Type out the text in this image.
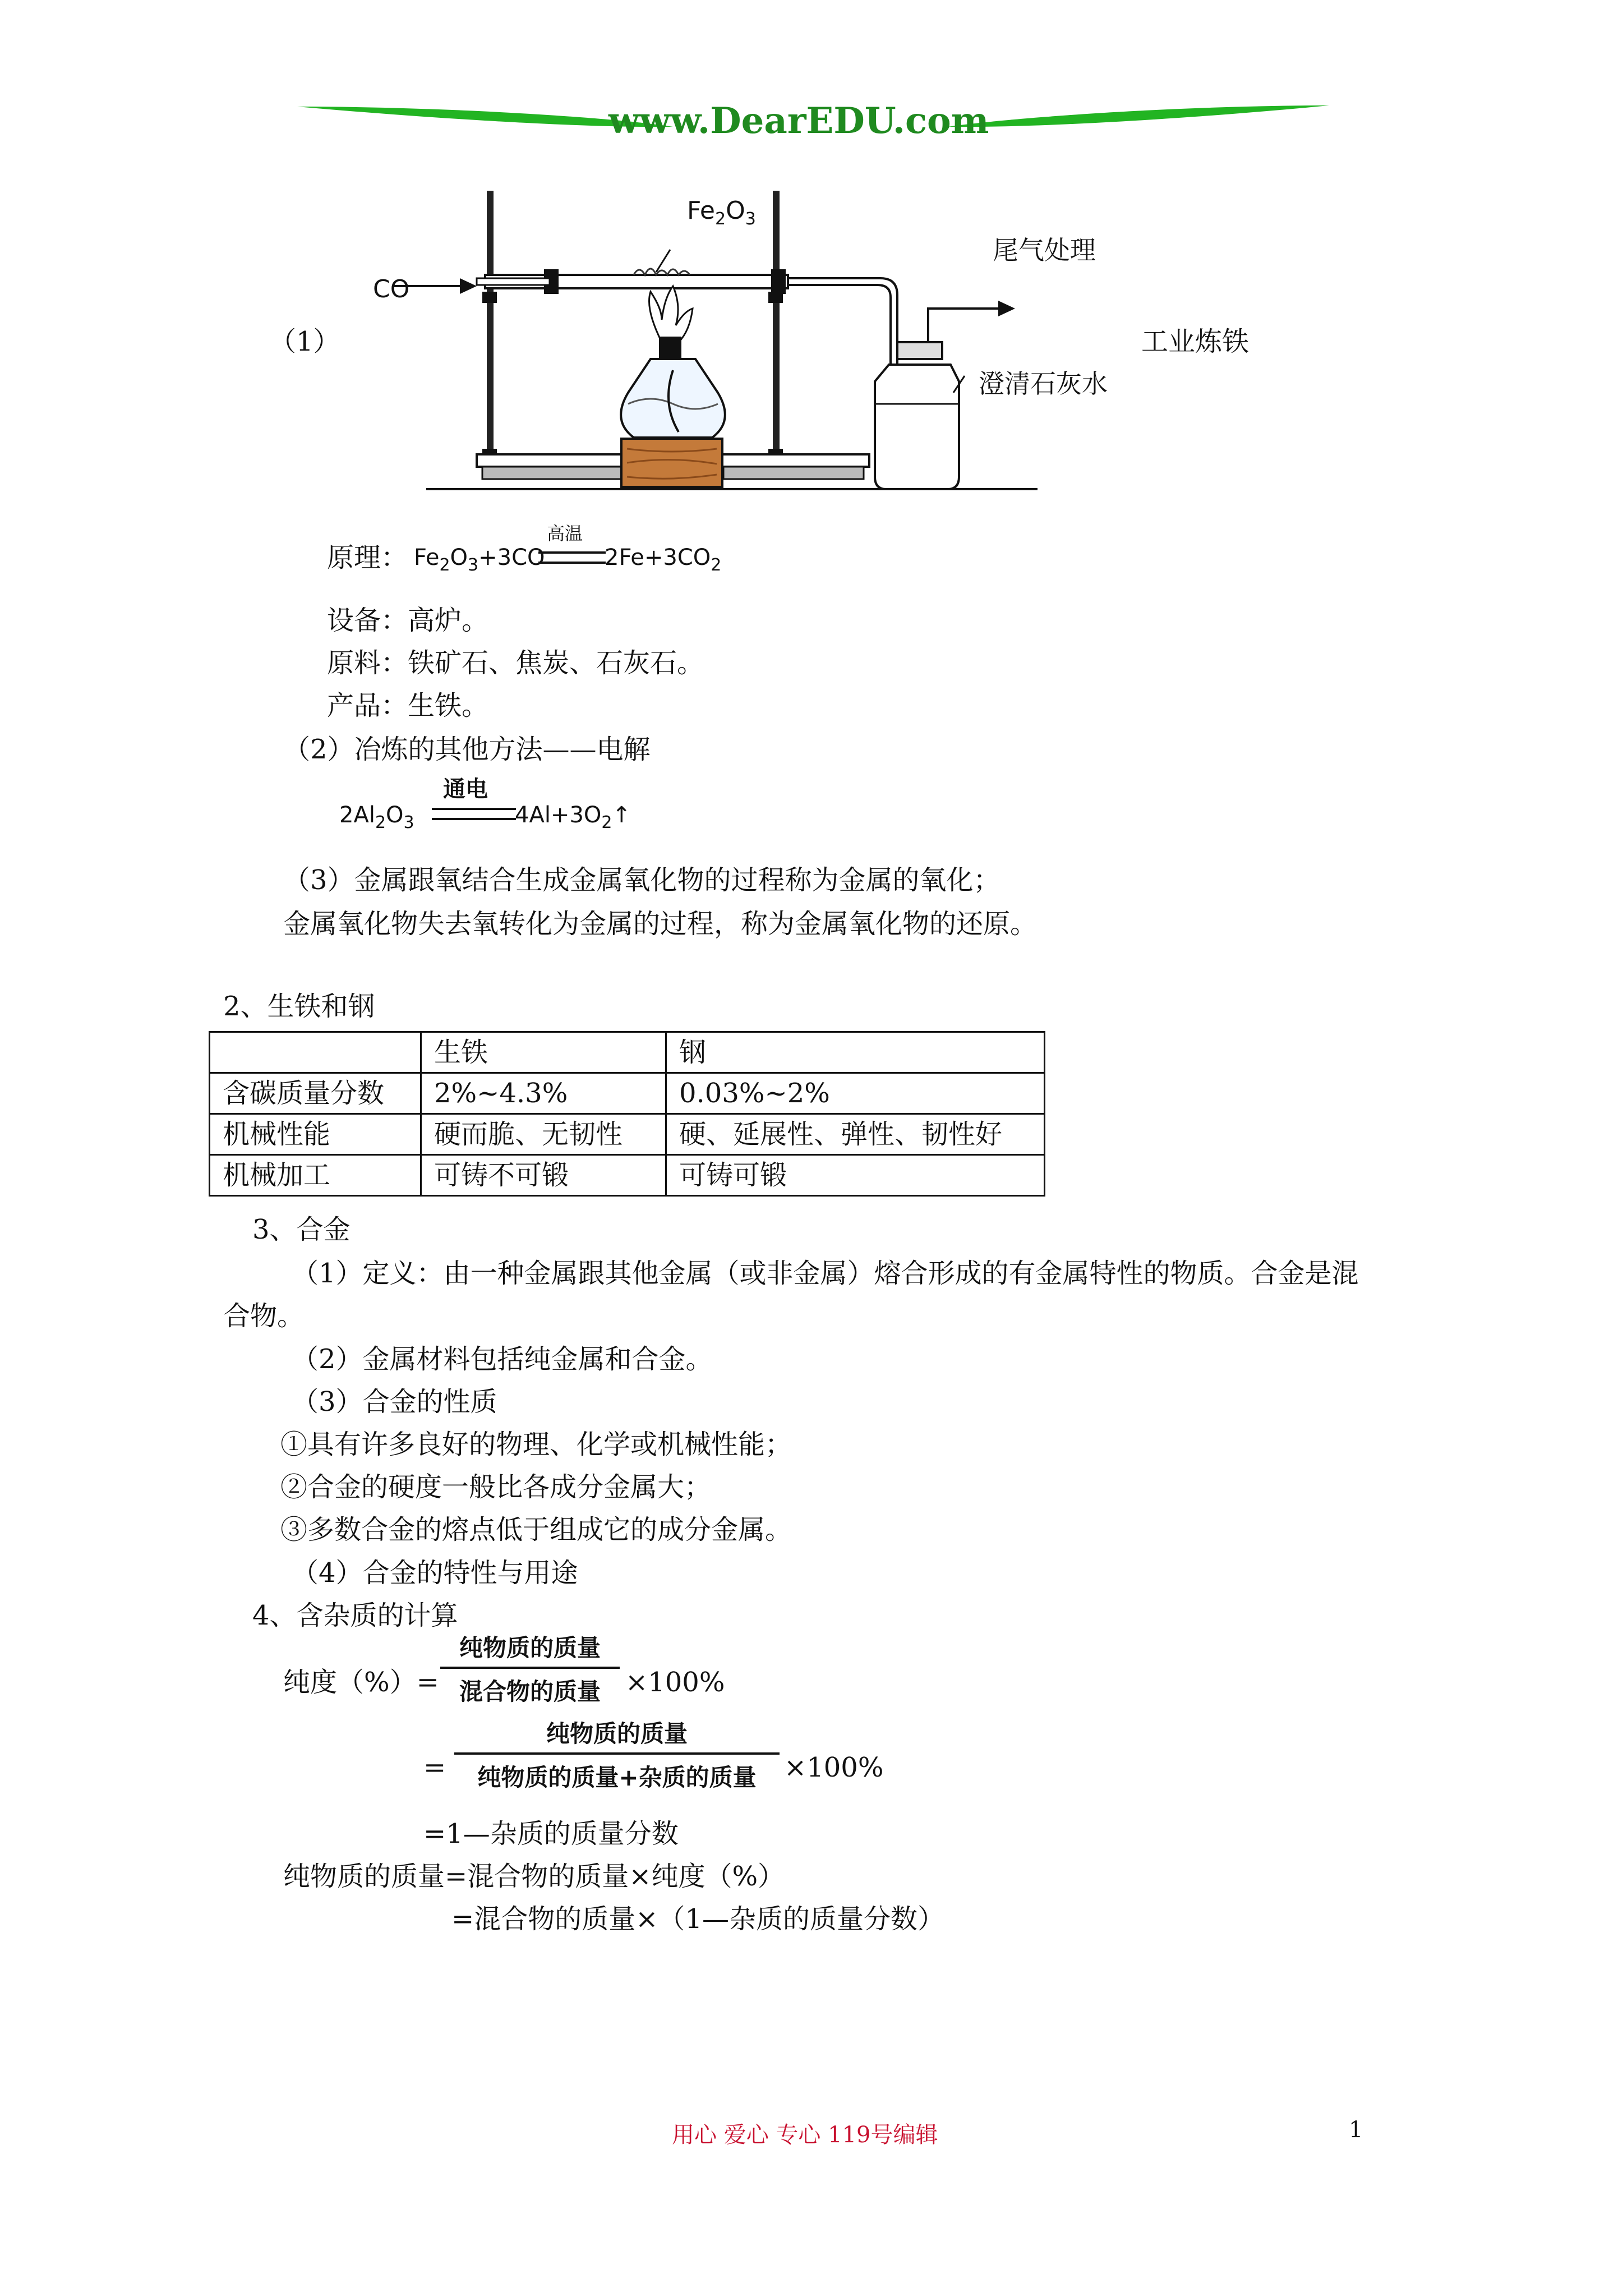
www.DearEDU.com
（1）
CO
$Fe_2O_3$
尾气处理
澄清石灰水
工业炼铁
原理： $Fe_2O_3+3CO$
高温
$2Fe+3CO_2$
设备：高炉。
原料：铁矿石、焦炭、石灰石。
产品：生铁。
（2）冶炼的其他方法——电解
$2Al_2O_3$
通电
$4Al+3O_2↑$
（3）金属跟氧结合生成金属氧化物的过程称为金属的氧化；
金属氧化物失去氧转化为金属的过程，称为金属氧化物的还原。
2、生铁和钢
	生铁	钢
含碳质量分数	2%~4.3%	0.03%~2%
机械性能	硬而脆、无韧性	硬、延展性、弹性、韧性好
机械加工	可铸不可锻	可铸可锻
3、合金
（1）定义：由一种金属跟其他金属（或非金属）熔合形成的有金属特性的物质。合金是混
合物。
（2）金属材料包括纯金属和合金。
（3）合金的性质
①具有许多良好的物理、化学或机械性能；
②合金的硬度一般比各成分金属大；
③多数合金的熔点低于组成它的成分金属。
（4）合金的特性与用途
4、含杂质的计算
纯度（%）=
纯物质的质量
混合物的质量 ×100%
=
纯物质的质量
纯物质的质量+杂质的质量	×100%
=1—杂质的质量分数
纯物质的质量=混合物的质量×纯度（%）
=混合物的质量×（1—杂质的质量分数）
用心 爱心 专心 119号编辑	1
